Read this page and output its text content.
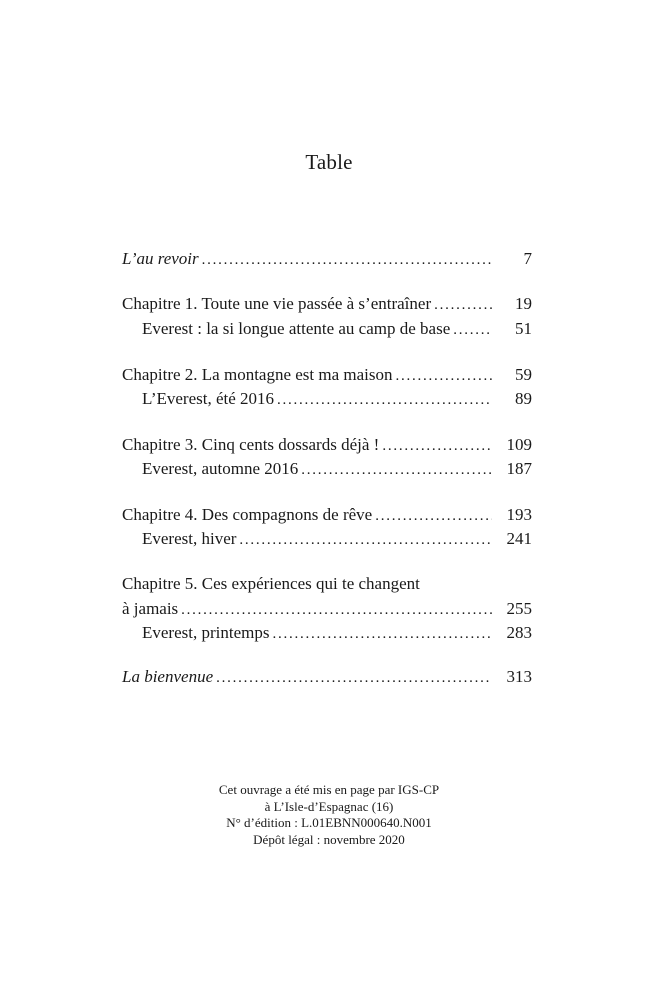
Table
L’au revoir . . .	7
Chapitre 1. Toute une vie passée à s’entraîner . . .	19
Everest : la si longue attente au camp de base . . .	51
Chapitre 2. La montagne est ma maison . . .	59
L’Everest, été 2016 . . .	89
Chapitre 3. Cinq cents dossards déjà ! . . .	109
Everest, automne 2016 . . .	187
Chapitre 4. Des compagnons de rêve . . .	193
Everest, hiver . . .	241
Chapitre 5. Ces expériences qui te changent
à jamais . . .	255
Everest, printemps . . .	283
La bienvenue . . .	313
Cet ouvrage a été mis en page par IGS-CP
à L’Isle-d’Espagnac (16)
N° d’édition : L.01EBNN000640.N001
Dépôt légal : novembre 2020
